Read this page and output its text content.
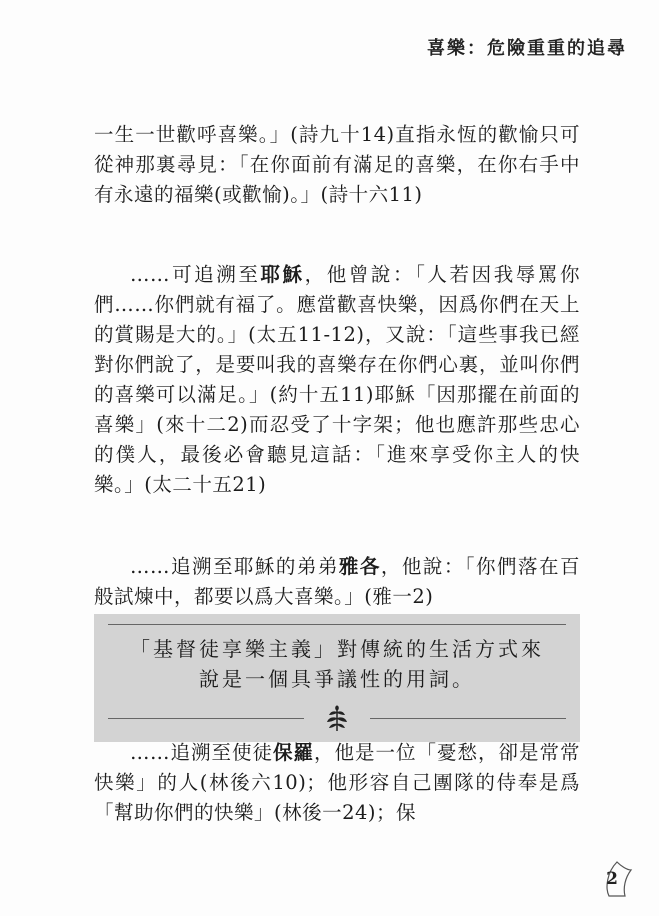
喜樂：危險重重的追尋
一生一世歡呼喜樂。」(詩九十14)直指永恆的歡愉只可從神那裏尋見：「在你面前有滿足的喜樂，在你右手中有永遠的福樂(或歡愉)。」(詩十六11)
……可追溯至耶穌，他曾說：「人若因我辱罵你們……你們就有福了。應當歡喜快樂，因爲你們在天上的賞賜是大的。」(太五11-12)，又說：「這些事我已經對你們說了，是要叫我的喜樂存在你們心裏，並叫你們的喜樂可以滿足。」(約十五11)耶穌「因那擺在前面的喜樂」(來十二2)而忍受了十字架；他也應許那些忠心的僕人，最後必會聽見這話：「進來享受你主人的快樂。」(太二十五21)
……追溯至耶穌的弟弟雅各，他說：「你們落在百般試煉中，都要以爲大喜樂。」(雅一2)
「基督徒享樂主義」對傳統的生活方式來
說是一個具爭議性的用詞。
……追溯至使徒保羅，他是一位「憂愁，卻是常常快樂」的人(林後六10)；他形容自己團隊的侍奉是爲「幫助你們的快樂」(林後一24)；保
2
